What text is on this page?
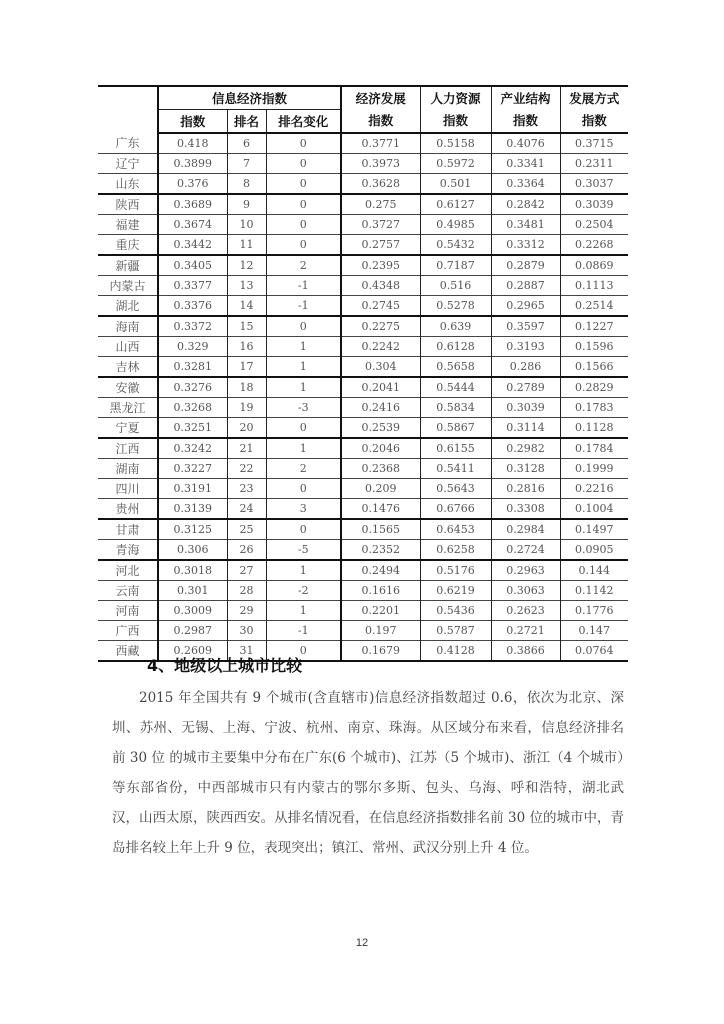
	信息经济指数			经济发展	人力资源	产业结构	发展方式
	指数	排名	排名变化	指数	指数	指数	指数
广东	0.418	6	0	0.3771	0.5158	0.4076	0.3715
辽宁	0.3899	7	0	0.3973	0.5972	0.3341	0.2311
山东	0.376	8	0	0.3628	0.501	0.3364	0.3037
陕西	0.3689	9	0	0.275	0.6127	0.2842	0.3039
福建	0.3674	10	0	0.3727	0.4985	0.3481	0.2504
重庆	0.3442	11	0	0.2757	0.5432	0.3312	0.2268
新疆	0.3405	12	2	0.2395	0.7187	0.2879	0.0869
内蒙古	0.3377	13	-1	0.4348	0.516	0.2887	0.1113
湖北	0.3376	14	-1	0.2745	0.5278	0.2965	0.2514
海南	0.3372	15	0	0.2275	0.639	0.3597	0.1227
山西	0.329	16	1	0.2242	0.6128	0.3193	0.1596
吉林	0.3281	17	1	0.304	0.5658	0.286	0.1566
安徽	0.3276	18	1	0.2041	0.5444	0.2789	0.2829
黑龙江	0.3268	19	-3	0.2416	0.5834	0.3039	0.1783
宁夏	0.3251	20	0	0.2539	0.5867	0.3114	0.1128
江西	0.3242	21	1	0.2046	0.6155	0.2982	0.1784
湖南	0.3227	22	2	0.2368	0.5411	0.3128	0.1999
四川	0.3191	23	0	0.209	0.5643	0.2816	0.2216
贵州	0.3139	24	3	0.1476	0.6766	0.3308	0.1004
甘肃	0.3125	25	0	0.1565	0.6453	0.2984	0.1497
青海	0.306	26	-5	0.2352	0.6258	0.2724	0.0905
河北	0.3018	27	1	0.2494	0.5176	0.2963	0.144
云南	0.301	28	-2	0.1616	0.6219	0.3063	0.1142
河南	0.3009	29	1	0.2201	0.5436	0.2623	0.1776
广西	0.2987	30	-1	0.197	0.5787	0.2721	0.147
西藏	0.2609	31	0	0.1679	0.4128	0.3866	0.0764
4、地级以上城市比较

2015 年全国共有 9 个城市(含直辖市)信息经济指数超过 0.6，依次为北京、深圳、苏州、无锡、上海、宁波、杭州、南京、珠海。从区域分布来看，信息经济排名前 30 位 的城市主要集中分布在广东(6 个城市)、江苏（5 个城市)、浙江（4 个城市）等东部省份，中西部城市只有内蒙古的鄂尔多斯、包头、乌海、呼和浩特，湖北武汉，山西太原，陕西西安。从排名情况看，在信息经济指数排名前 30 位的城市中，青岛排名较上年上升 9 位，表现突出；镇江、常州、武汉分别上升 4 位。

12
